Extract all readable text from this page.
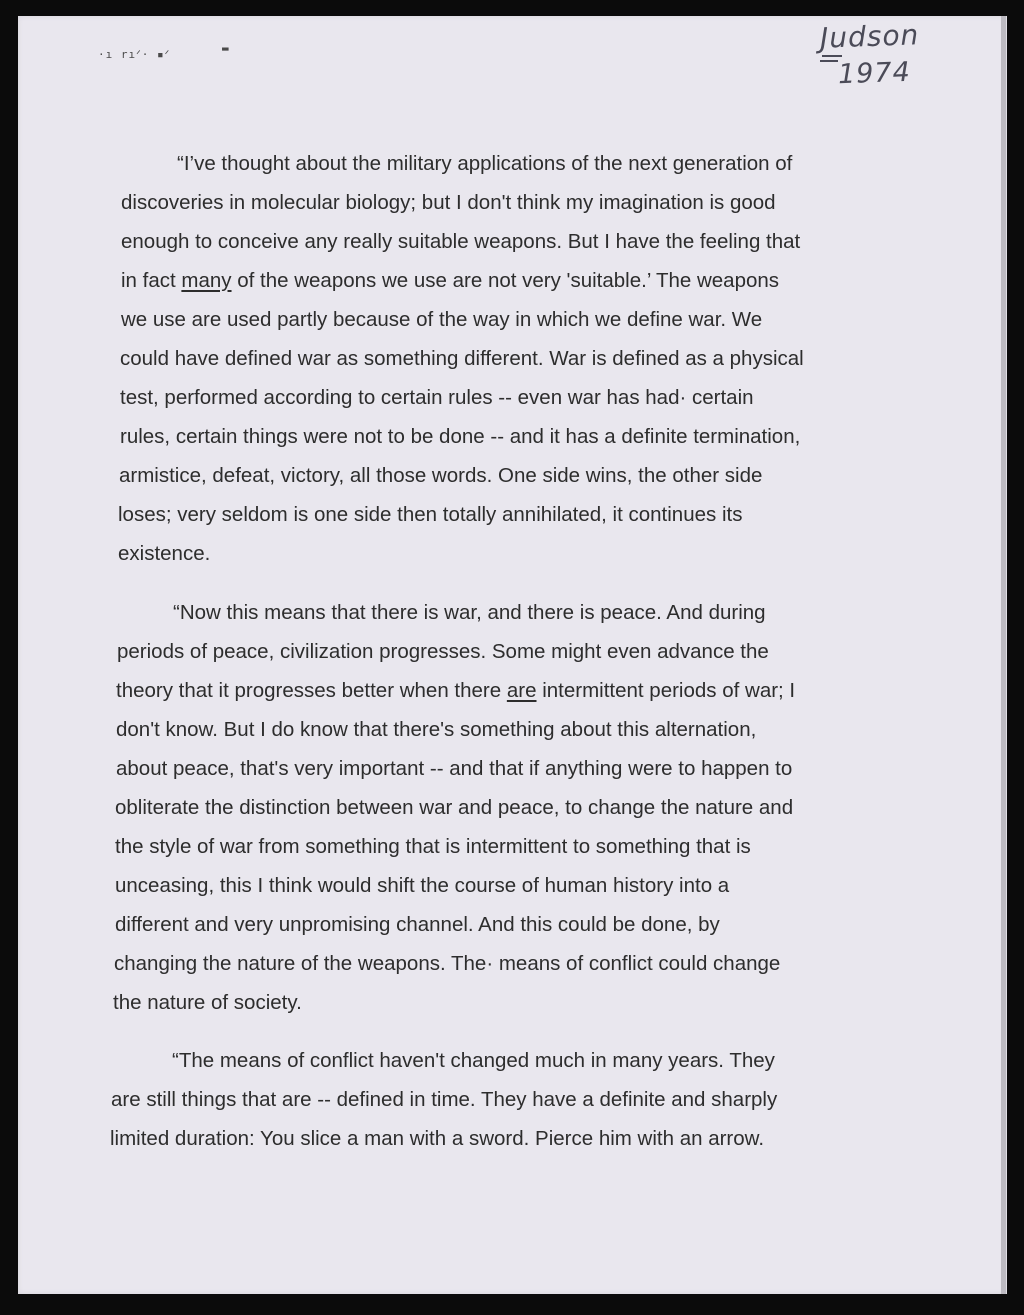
·ı rıᐟ· ▪ᐟ	▬	Judson
1974
“I’ve thought about the military applications of the next generation of
discoveries in molecular biology; but I don't think my imagination is good
enough to conceive any really suitable weapons. But I have the feeling that
in fact many of the weapons we use are not very 'suitable.’ The weapons
we use are used partly because of the way in which we define war. We
could have defined war as something different. War is defined as a physical
test, performed according to certain rules -- even war has had· certain
rules, certain things were not to be done -- and it has a definite termination,
armistice, defeat, victory, all those words. One side wins, the other side
loses; very seldom is one side then totally annihilated, it continues its
existence.
“Now this means that there is war, and there is peace. And during
periods of peace, civilization progresses. Some might even advance the
theory that it progresses better when there are intermittent periods of war; I
don't know. But I do know that there's something about this alternation,
about peace, that's very important -- and that if anything were to happen to
obliterate the distinction between war and peace, to change the nature and
the style of war from something that is intermittent to something that is
unceasing, this I think would shift the course of human history into a
different and very unpromising channel. And this could be done, by
changing the nature of the weapons. The· means of conflict could change
the nature of society.
“The means of conflict haven't changed much in many years. They
are still things that are -- defined in time. They have a definite and sharply
limited duration: You slice a man with a sword. Pierce him with an arrow.
